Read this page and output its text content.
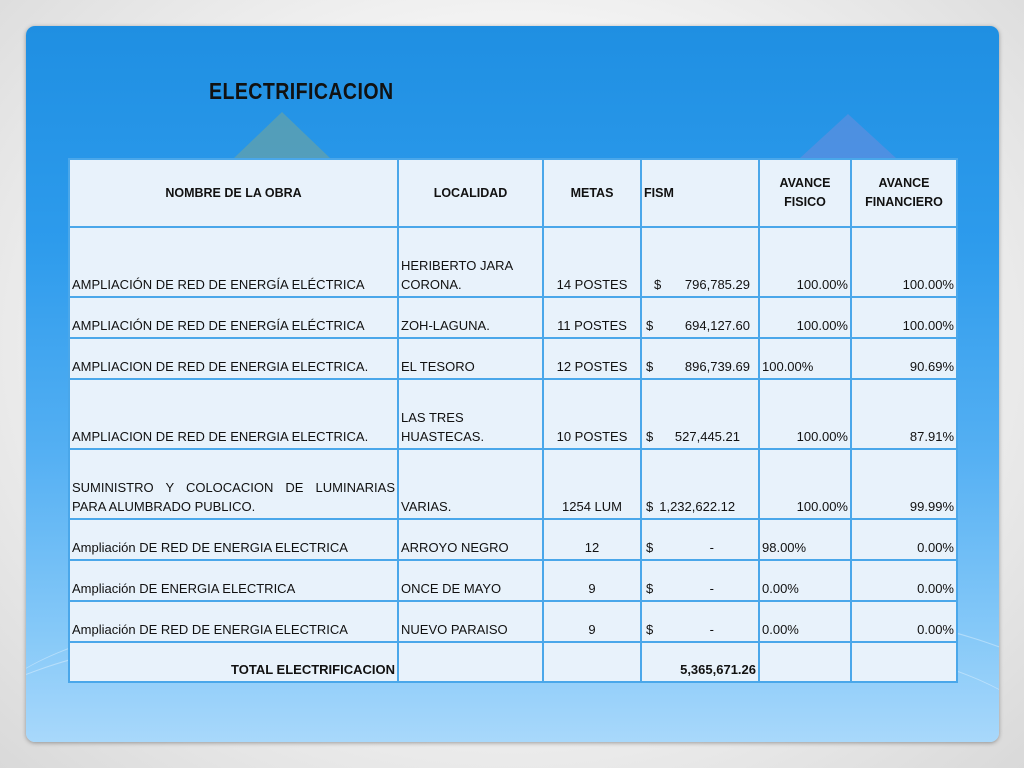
ELECTRIFICACION
NOMBRE DE LA OBRA	LOCALIDAD	METAS	FISM	AVANCE FISICO	AVANCE FINANCIERO
AMPLIACIÓN DE RED DE ENERGÍA ELÉCTRICA	HERIBERTO JARA CORONA.	14 POSTES	$ 796,785.29	100.00%	100.00%
AMPLIACIÓN DE RED DE ENERGÍA ELÉCTRICA	ZOH-LAGUNA.	11 POSTES	$ 694,127.60	100.00%	100.00%
AMPLIACION DE RED DE ENERGIA ELECTRICA.	EL TESORO	12 POSTES	$ 896,739.69	100.00%	90.69%
AMPLIACION DE RED DE ENERGIA ELECTRICA.	LAS TRES HUASTECAS.	10 POSTES	$ 527,445.21	100.00%	87.91%
SUMINISTRO Y COLOCACION DE LUMINARIAS PARA ALUMBRADO PUBLICO.	VARIAS.	1254 LUM	$ 1,232,622.12	100.00%	99.99%
Ampliación DE RED DE ENERGIA ELECTRICA	ARROYO NEGRO	12	$ -	98.00%	0.00%
Ampliación DE ENERGIA ELECTRICA	ONCE DE MAYO	9	$ -	0.00%	0.00%
Ampliación DE RED DE ENERGIA ELECTRICA	NUEVO PARAISO	9	$ -	0.00%	0.00%
TOTAL ELECTRIFICACION			5,365,671.26		
